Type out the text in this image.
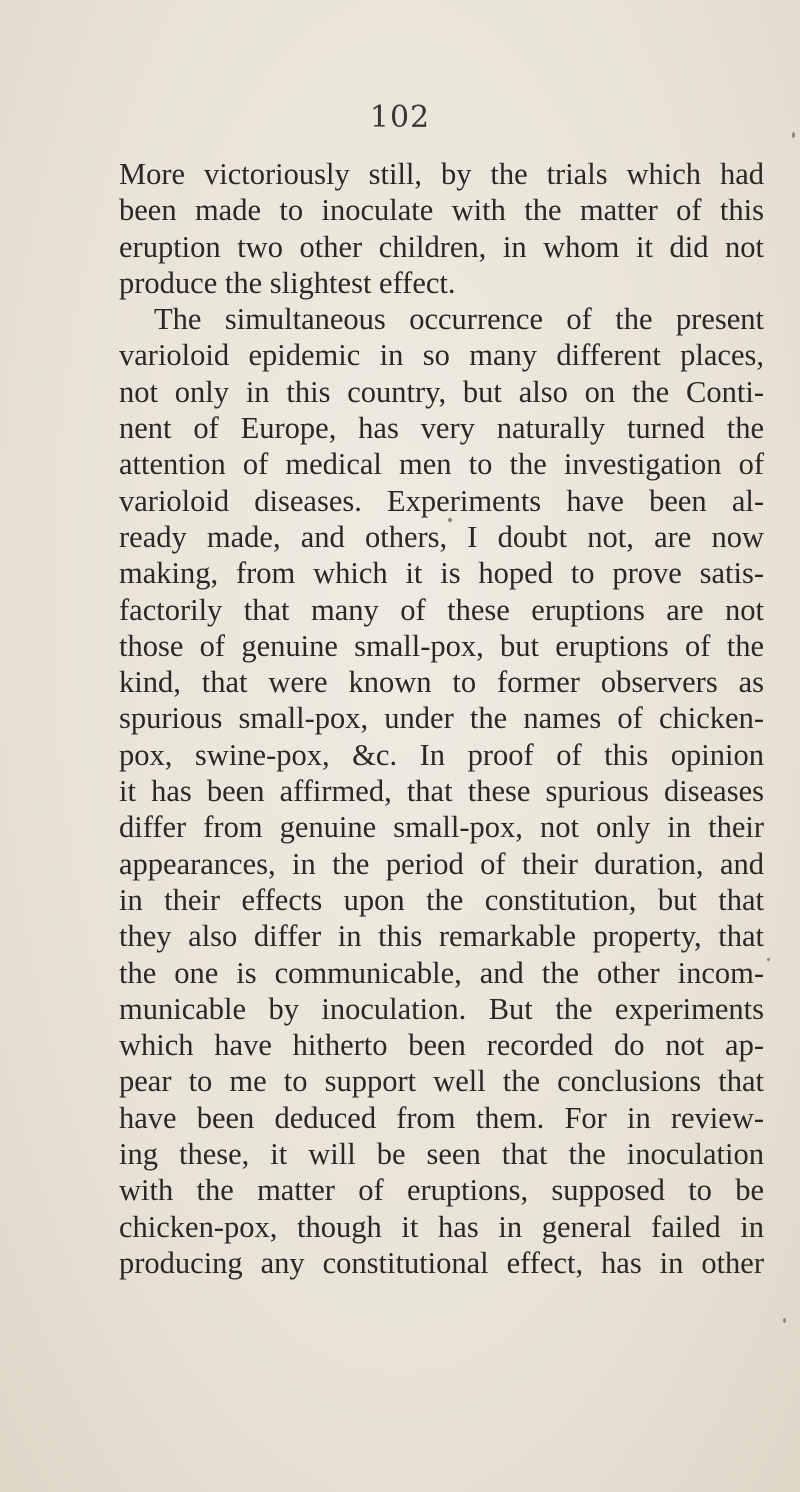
102
More victoriously still, by the trials which had
been made to inoculate with the matter of this
eruption two other children, in whom it did not
produce the slightest effect.
The simultaneous occurrence of the present
varioloid epidemic in so many different places,
not only in this country, but also on the Conti-
nent of Europe, has very naturally turned the
attention of medical men to the investigation of
varioloid diseases. Experiments have been al-
ready made, and others, I doubt not, are now
making, from which it is hoped to prove satis-
factorily that many of these eruptions are not
those of genuine small-pox, but eruptions of the
kind, that were known to former observers as
spurious small-pox, under the names of chicken-
pox, swine-pox, &c. In proof of this opinion
it has been affirmed, that these spurious diseases
differ from genuine small-pox, not only in their
appearances, in the period of their duration, and
in their effects upon the constitution, but that
they also differ in this remarkable property, that
the one is communicable, and the other incom-
municable by inoculation. But the experiments
which have hitherto been recorded do not ap-
pear to me to support well the conclusions that
have been deduced from them. For in review-
ing these, it will be seen that the inoculation
with the matter of eruptions, supposed to be
chicken-pox, though it has in general failed in
producing any constitutional effect, has in other
